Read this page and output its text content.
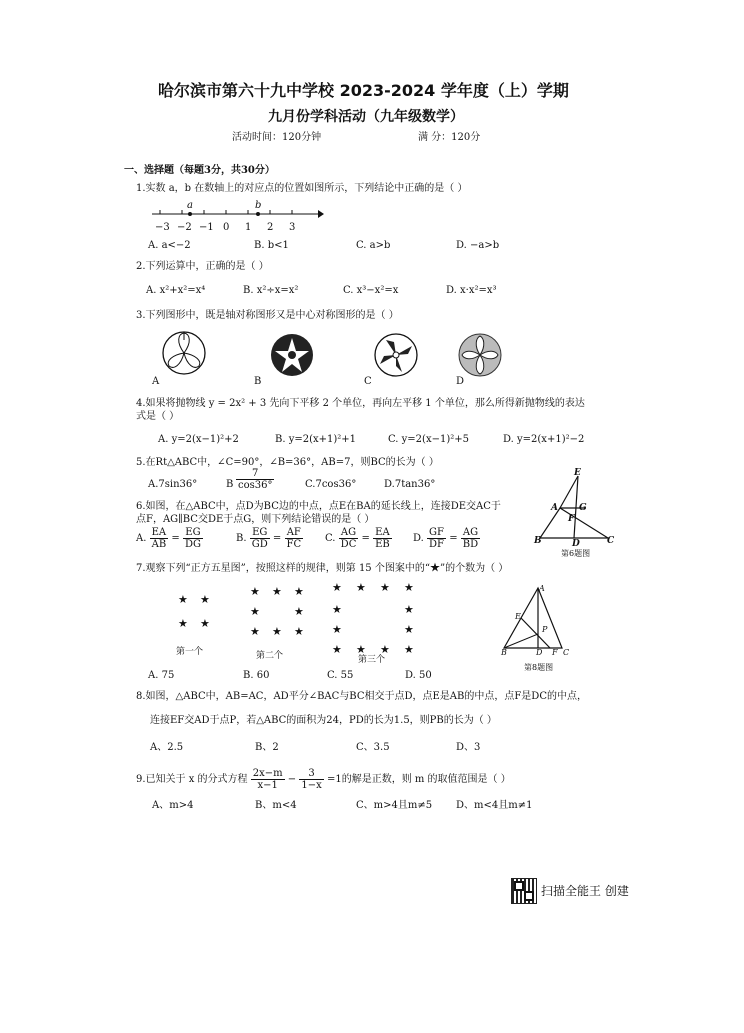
哈尔滨市第六十九中学校 2023-2024 学年度（上）学期
九月份学科活动（九年级数学）
活动时间：120分钟	满 分：120分
一、选择题（每题3分，共30分）
1.实数 a，b 在数轴上的对应点的位置如图所示，下列结论中正确的是（ ）
a	b
−3 −2 −1 0 1 2 3
A. a<−2	B. b<1	C. a>b	D. −a>b
2.下列运算中，正确的是（ ）
A. x²+x²=x⁴	B. x²÷x=x²	C. x³−x²=x	D. x·x²=x³
3.下列图形中，既是轴对称图形又是中心对称图形的是（ ）
A	B	C	D
4.如果将抛物线 y = 2x² + 3 先向下平移 2 个单位，再向左平移 1 个单位，那么所得新抛物线的表达
式是（ ）
A. y=2(x−1)²+2	B. y=2(x+1)²+1	C. y=2(x−1)²+5	D. y=2(x+1)²−2
5.在Rt△ABC中，∠C=90°，∠B=36°，AB=7，则BC的长为（ ）
A.7sin36°	B $\frac{7}{\cos 36^\circ}$	C.7cos36°	D.7tan36°
6.如图，在△ABC中，点D为BC边的中点，点E在BA的延长线上，连接DE交AC于
点F，AG∥BC交DE于点G，则下列结论错误的是（ ）
A. $\frac{EA}{AB} = \frac{EG}{DG}$	B. $\frac{EG}{GD} = \frac{AF}{FC} C$. $\frac{AG}{DC} = \frac{EA}{EB} D$. $\frac{GF}{DF} = \frac{AG}{BD}$
E
A G
F
B	D	C
第6题图
7.观察下列“正方五星图”，按照这样的规律，则第 15 个图案中的“★”的个数为（ ）
★ ★
★ ★
★ ★ ★
★	★
★ ★ ★
★ ★ ★ ★
★	★
★	★
★ ★ ★ ★
第一个	第二个	第三个
A. 75	B. 60	C. 55	D. 50
A
E
P
B	D F C
第8题图
8.如图，△ABC中，AB=AC，AD平分∠BAC与BC相交于点D，点E是AB的中点，点F是DC的中点，
连接EF交AD于点P，若△ABC的面积为24，PD的长为1.5，则PB的长为（ ）
A、2.5	B、2	C、3.5	D、3
9.已知关于 x 的分式方程 $\frac{2x-m}{x-1} - \frac{3}{1-x} =1$的解是正数，则 m 的取值范围是（ ）
A、m>4	B、m<4	C、m>4且m≠5 D、m<4且m≠1
扫描全能王 创建
